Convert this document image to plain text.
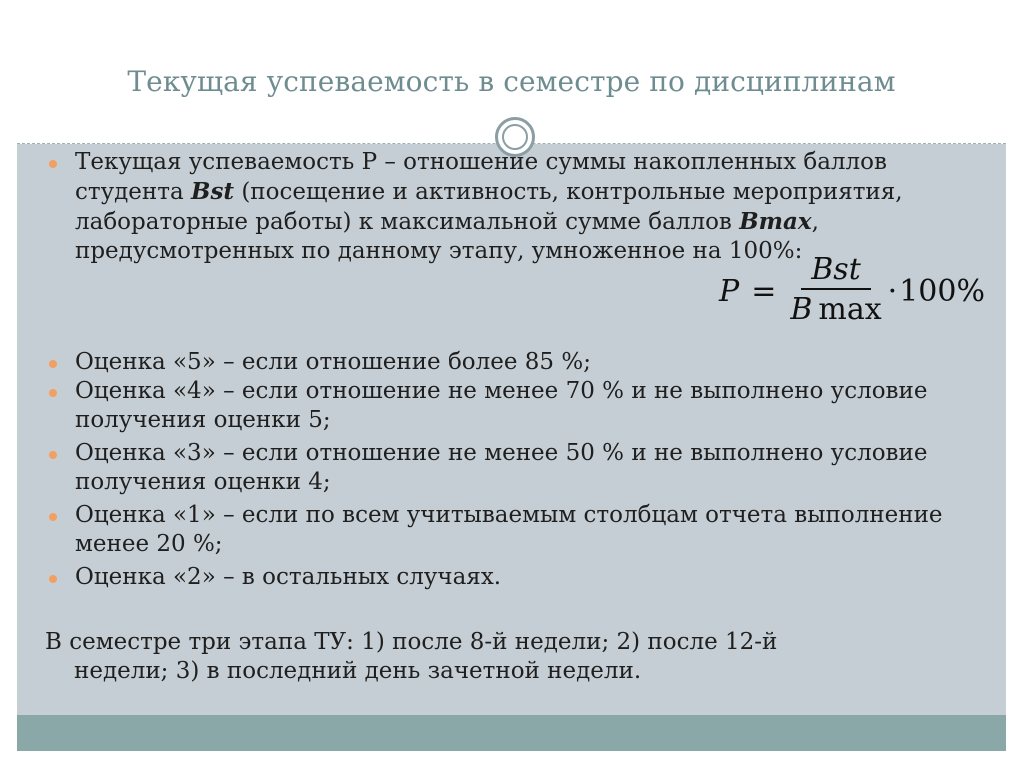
Текущая успеваемость в семестре по дисциплинам
Текущая успеваемость Р – отношение суммы накопленных баллов студента Bst (посещение и активность, контрольные мероприятия, лабораторные работы) к максимальной сумме баллов Bmax, предусмотренных по данному этапу, умноженное на 100%:
$P = \frac{\text{Bst}}{\text{B max}} \cdot 100\%$
Оценка «5» – если отношение более 85 %;
Оценка «4» – если отношение не менее 70 % и не выполнено условие получения оценки 5;
Оценка «3» – если отношение не менее 50 % и не выполнено условие получения оценки 4;
Оценка «1» – если по всем учитываемым столбцам отчета выполнение менее 20 %;
Оценка «2» – в остальных случаях.
В семестре три этапа ТУ: 1) после 8-й недели; 2) после 12-й
недели; 3) в последний день зачетной недели.
